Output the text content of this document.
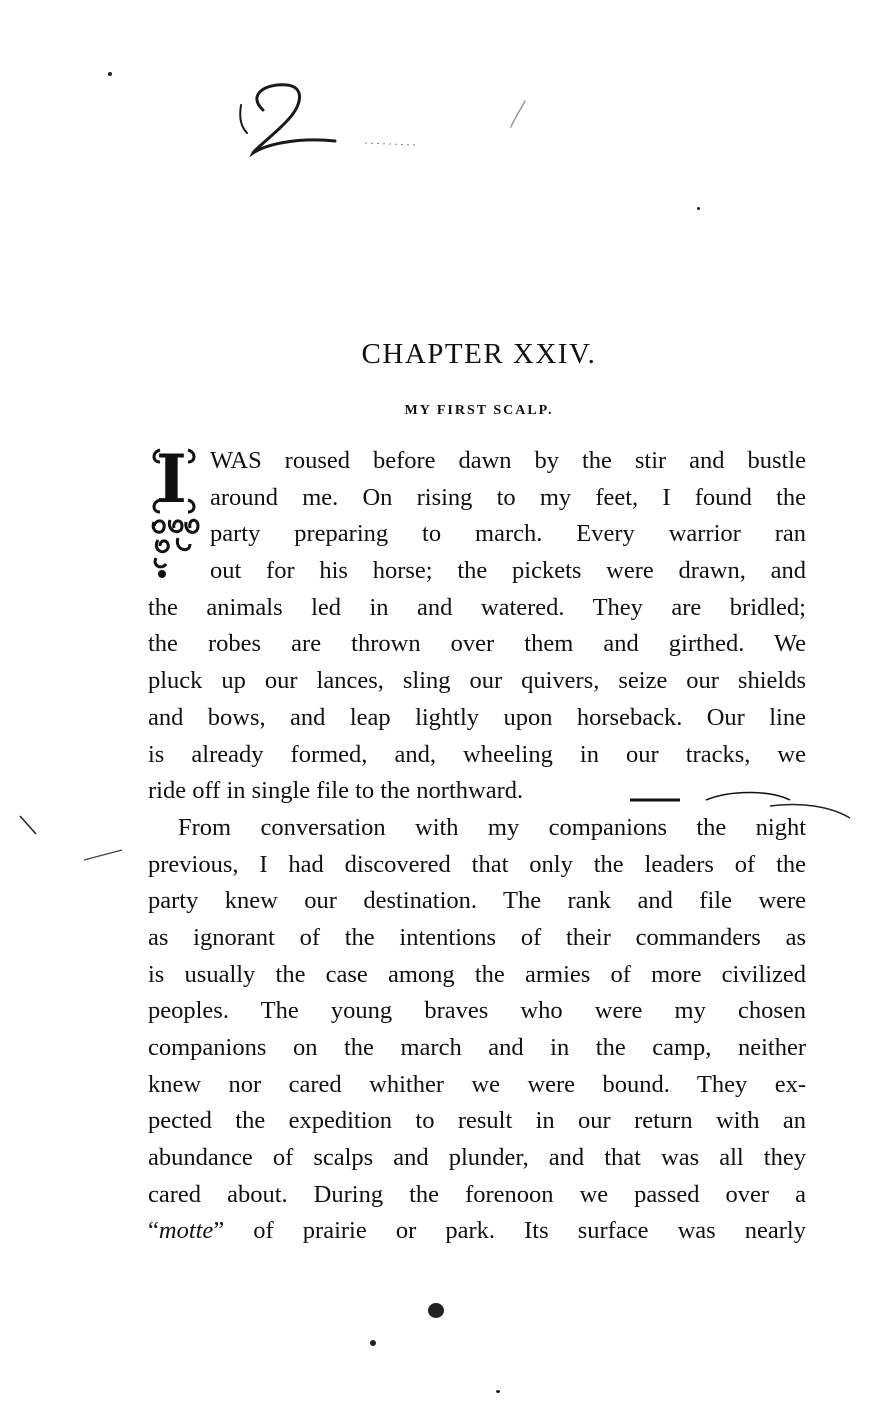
CHAPTER XXIV.
MY FIRST SCALP.
I WAS roused before dawn by the stir and bustle
around me. On rising to my feet, I found the
party preparing to march. Every warrior ran
out for his horse; the pickets were drawn, and
the animals led in and watered. They are bridled;
the robes are thrown over them and girthed. We
pluck up our lances, sling our quivers, seize our shields
and bows, and leap lightly upon horseback. Our line
is already formed, and, wheeling in our tracks, we
ride off in single file to the northward.
From conversation with my companions the night
previous, I had discovered that only the leaders of the
party knew our destination. The rank and file were
as ignorant of the intentions of their commanders as
is usually the case among the armies of more civilized
peoples. The young braves who were my chosen
companions on the march and in the camp, neither
knew nor cared whither we were bound. They ex-
pected the expedition to result in our return with an
abundance of scalps and plunder, and that was all they
cared about. During the forenoon we passed over a
“motte” of prairie or park. Its surface was nearly
